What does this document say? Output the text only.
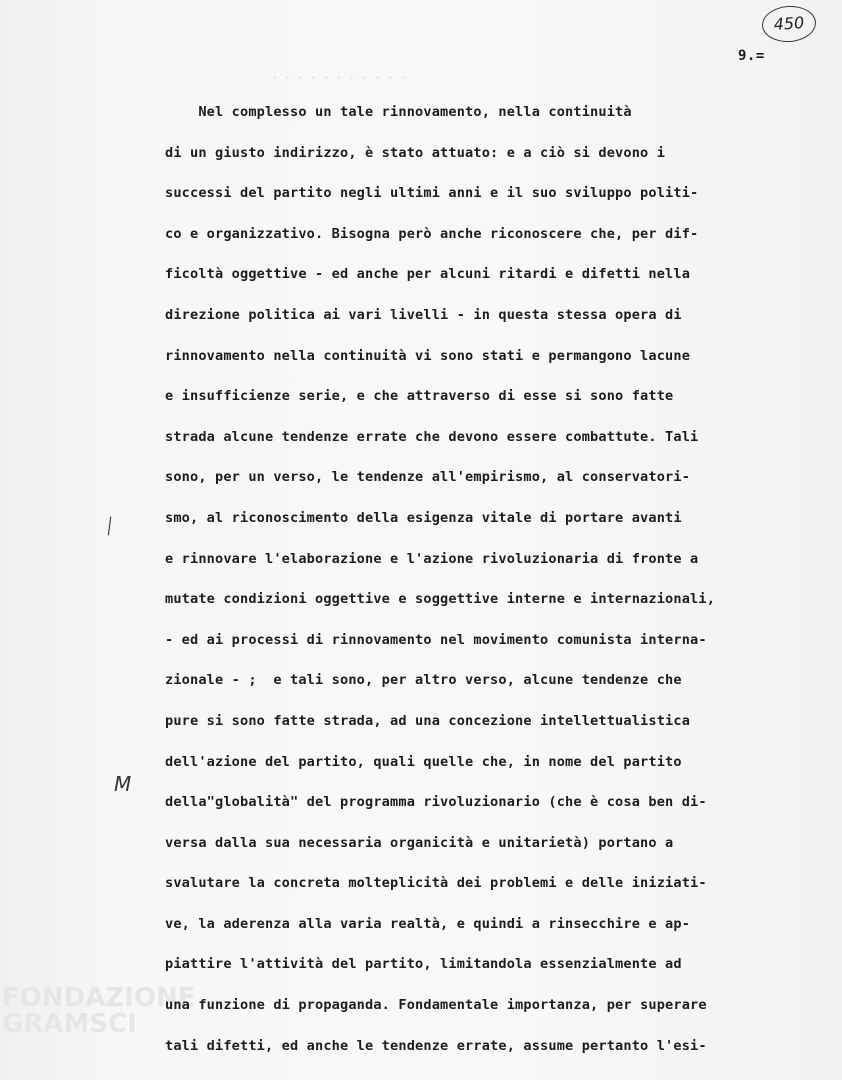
FONDAZIONE
GRAMSCI
- - - - - - - - - - -
450
9.=
/
M
Nel complesso un tale rinnovamento, nella continuità
di un giusto indirizzo, è stato attuato: e a ciò si devono i
successi del partito negli ultimi anni e il suo sviluppo politi-
co e organizzativo. Bisogna però anche riconoscere che, per dif-
ficoltà oggettive - ed anche per alcuni ritardi e difetti nella
direzione politica ai vari livelli - in questa stessa opera di
rinnovamento nella continuità vi sono stati e permangono lacune
e insufficienze serie, e che attraverso di esse si sono fatte
strada alcune tendenze errate che devono essere combattute. Tali
sono, per un verso, le tendenze all'empirismo, al conservatori-
smo, al riconoscimento della esigenza vitale di portare avanti
e rinnovare l'elaborazione e l'azione rivoluzionaria di fronte a
mutate condizioni oggettive e soggettive interne e internazionali,
- ed ai processi di rinnovamento nel movimento comunista interna-
zionale - ;  e tali sono, per altro verso, alcune tendenze che
pure si sono fatte strada, ad una concezione intellettualistica
dell'azione del partito, quali quelle che, in nome del partito
della"globalità" del programma rivoluzionario (che è cosa ben di-
versa dalla sua necessaria organicità e unitarietà) portano a
svalutare la concreta molteplicità dei problemi e delle iniziati-
ve, la aderenza alla varia realtà, e quindi a rinsecchire e ap-
piattire l'attività del partito, limitandola essenzialmente ad
una funzione di propaganda. Fondamentale importanza, per superare
tali difetti, ed anche le tendenze errate, assume pertanto l'esi-
